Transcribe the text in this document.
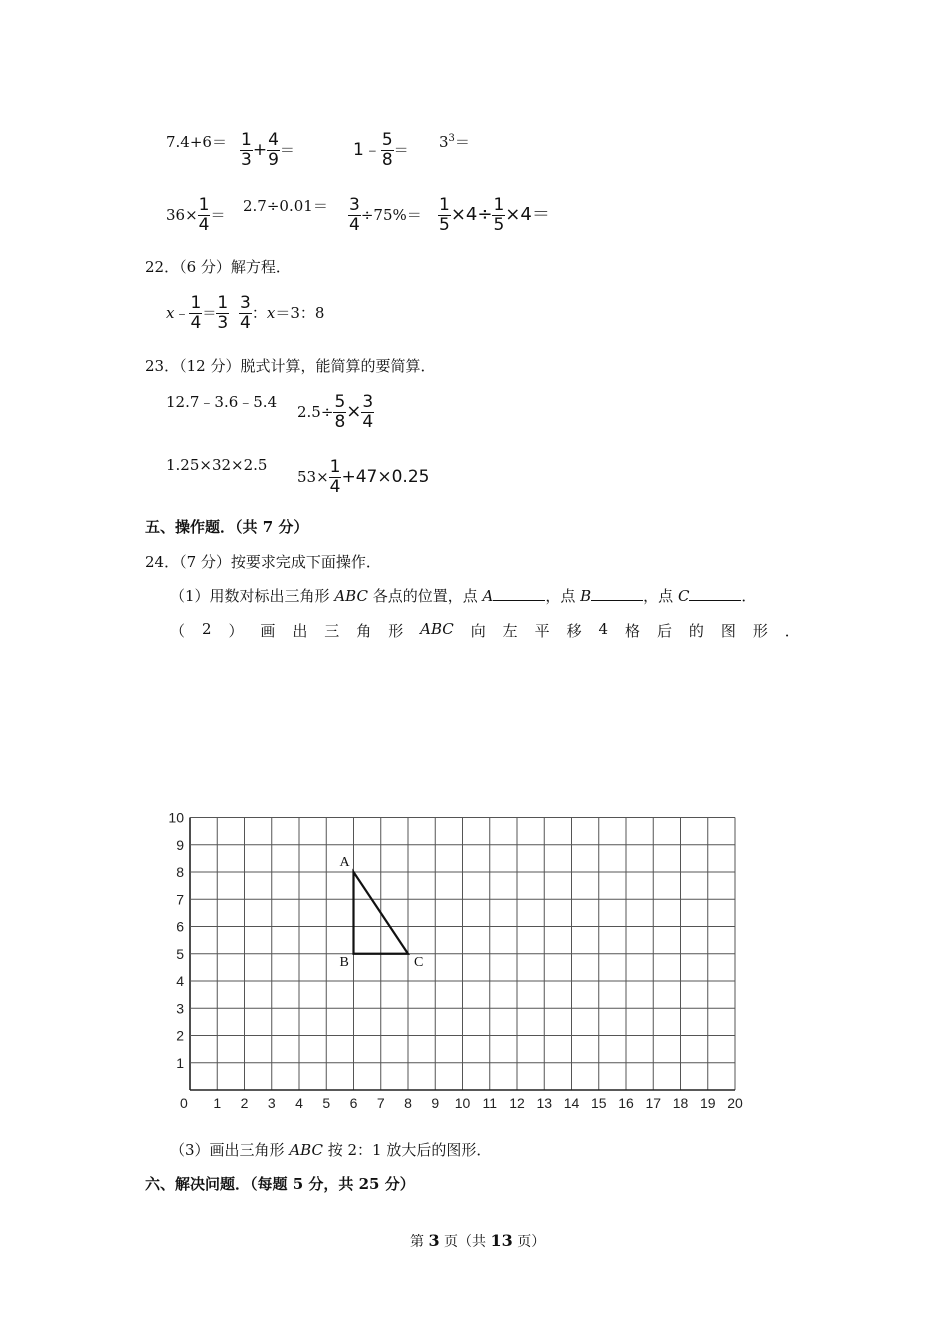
$7.4+6= \frac{1}{3} + \frac{4}{9}$ ＝	1﹣ $\frac{5}{8} = 3^3=$
$36\times \frac{1}{4} = 2.7\div 0.01= \frac{3}{4} \div 75\%= \frac{1}{5} \times 4\div \frac{1}{5} \times 4=$
22．（6 分）解方程．
x﹣ $\frac{1}{4} = \frac{1}{3} \frac{3}{4}$ ：x＝3：8
23．（12 分）脱式计算，能简算的要简算．
12.7﹣3.6﹣5.4
$2.5\div \frac{5}{8} \times \frac{3}{4}$
1.25×32×2.5
$53\times \frac{1}{4} +47\times 0.25$
五、操作题．（共 7 分）
24．（7 分）按要求完成下面操作．
（1）用数对标出三角形 ABC 各点的位置，点 A	，点 B	，点 C	．
（ 2 ） 画 出 三 角 形 ABC 向 左 平 移 4 格 后 的 图 形 ．
0 1 2 3 4 5 6 7 8 9 10 11 12 13 14 15 16 17 18 19 20
1
2
3
4
5
6
7
8
9
10
A
B	C
（3）画出三角形 ABC 按 2：1 放大后的图形．
六、解决问题．（每题 5 分，共 25 分）
第 3 页（共 13 页）
